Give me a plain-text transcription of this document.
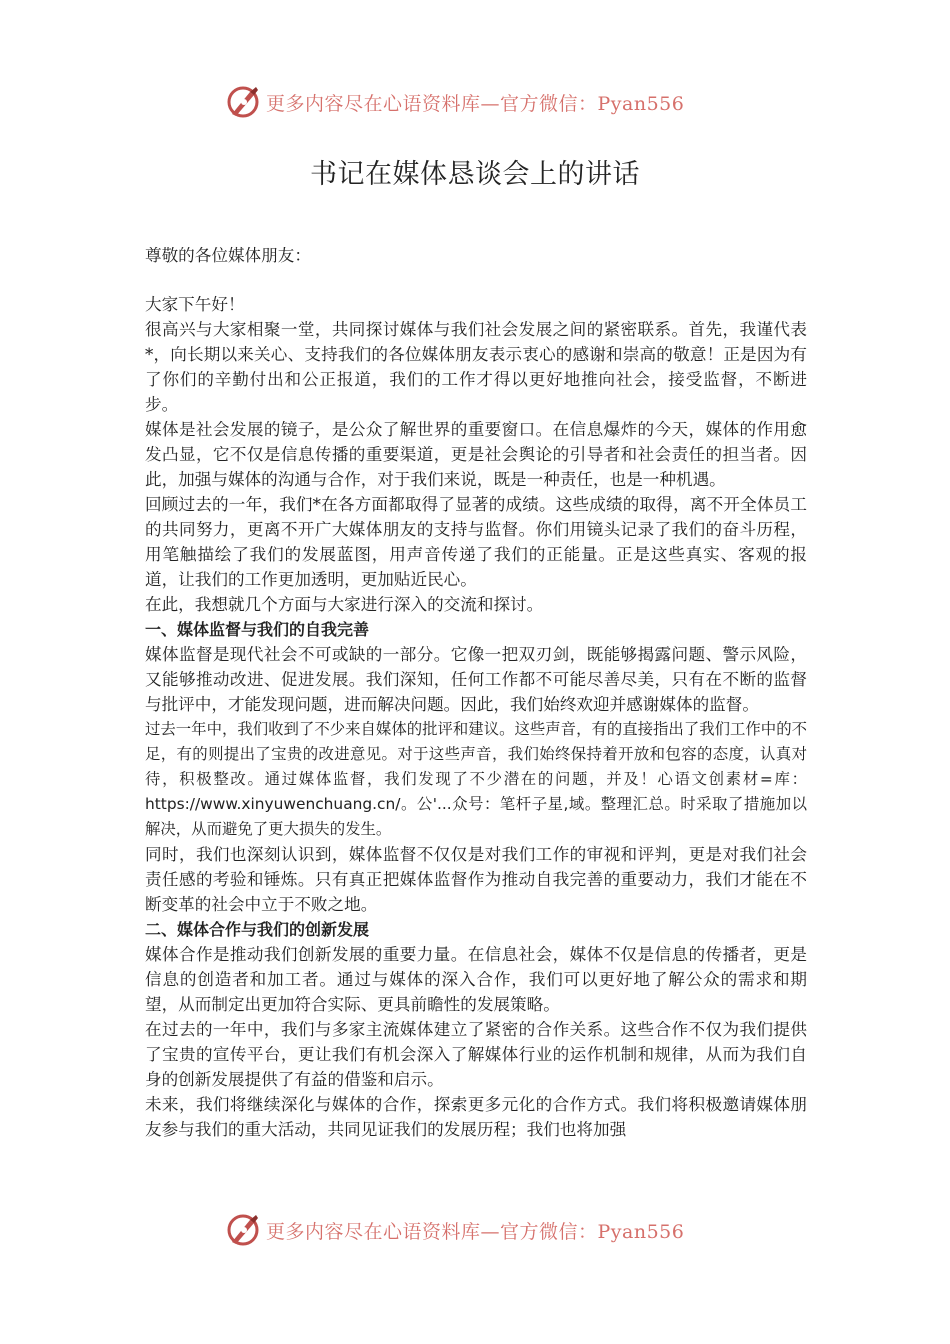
更多内容尽在心语资料库—官方微信：Pyan556
书记在媒体恳谈会上的讲话

尊敬的各位媒体朋友：

大家下午好！

很高兴与大家相聚一堂，共同探讨媒体与我们社会发展之间的紧密联系。首先，我谨代表*，向长期以来关心、支持我们的各位媒体朋友表示衷心的感谢和崇高的敬意！正是因为有了你们的辛勤付出和公正报道，我们的工作才得以更好地推向社会，接受监督，不断进步。

媒体是社会发展的镜子，是公众了解世界的重要窗口。在信息爆炸的今天，媒体的作用愈发凸显，它不仅是信息传播的重要渠道，更是社会舆论的引导者和社会责任的担当者。因此，加强与媒体的沟通与合作，对于我们来说，既是一种责任，也是一种机遇。

回顾过去的一年，我们*在各方面都取得了显著的成绩。这些成绩的取得，离不开全体员工的共同努力，更离不开广大媒体朋友的支持与监督。你们用镜头记录了我们的奋斗历程，用笔触描绘了我们的发展蓝图，用声音传递了我们的正能量。正是这些真实、客观的报道，让我们的工作更加透明，更加贴近民心。

在此，我想就几个方面与大家进行深入的交流和探讨。

一、媒体监督与我们的自我完善

媒体监督是现代社会不可或缺的一部分。它像一把双刃剑，既能够揭露问题、警示风险，又能够推动改进、促进发展。我们深知，任何工作都不可能尽善尽美，只有在不断的监督与批评中，才能发现问题，进而解决问题。因此，我们始终欢迎并感谢媒体的监督。

过去一年中，我们收到了不少来自媒体的批评和建议。这些声音，有的直接指出了我们工作中的不足，有的则提出了宝贵的改进意见。对于这些声音，我们始终保持着开放和包容的态度，认真对待，积极整改。通过媒体监督，我们发现了不少潜在的问题，并及！心语文创素材=库：https://www.xinyuwenchuang.cn/。公'...众号：笔杆子星,域。整理汇总。时采取了措施加以解决，从而避免了更大损失的发生。

同时，我们也深刻认识到，媒体监督不仅仅是对我们工作的审视和评判，更是对我们社会责任感的考验和锤炼。只有真正把媒体监督作为推动自我完善的重要动力，我们才能在不断变革的社会中立于不败之地。

二、媒体合作与我们的创新发展

媒体合作是推动我们创新发展的重要力量。在信息社会，媒体不仅是信息的传播者，更是信息的创造者和加工者。通过与媒体的深入合作，我们可以更好地了解公众的需求和期望，从而制定出更加符合实际、更具前瞻性的发展策略。

在过去的一年中，我们与多家主流媒体建立了紧密的合作关系。这些合作不仅为我们提供了宝贵的宣传平台，更让我们有机会深入了解媒体行业的运作机制和规律，从而为我们自身的创新发展提供了有益的借鉴和启示。

未来，我们将继续深化与媒体的合作，探索更多元化的合作方式。我们将积极邀请媒体朋友参与我们的重大活动，共同见证我们的发展历程；我们也将加强

更多内容尽在心语资料库—官方微信：Pyan556
